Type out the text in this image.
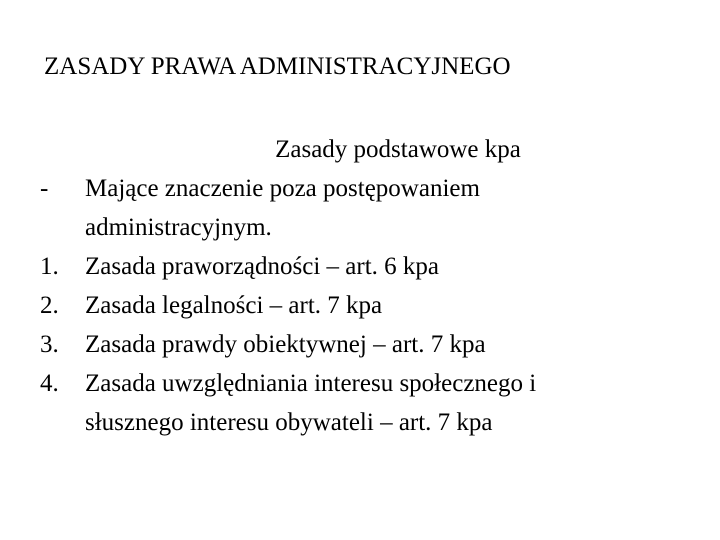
ZASADY PRAWA ADMINISTRACYJNEGO
Zasady podstawowe kpa
-	Mające znaczenie poza postępowaniem
administracyjnym.
1.	Zasada praworządności – art. 6 kpa
2.	Zasada legalności – art. 7 kpa
3.	Zasada prawdy obiektywnej – art. 7 kpa
4.	Zasada uwzględniania interesu społecznego i
słusznego interesu obywateli – art. 7 kpa
